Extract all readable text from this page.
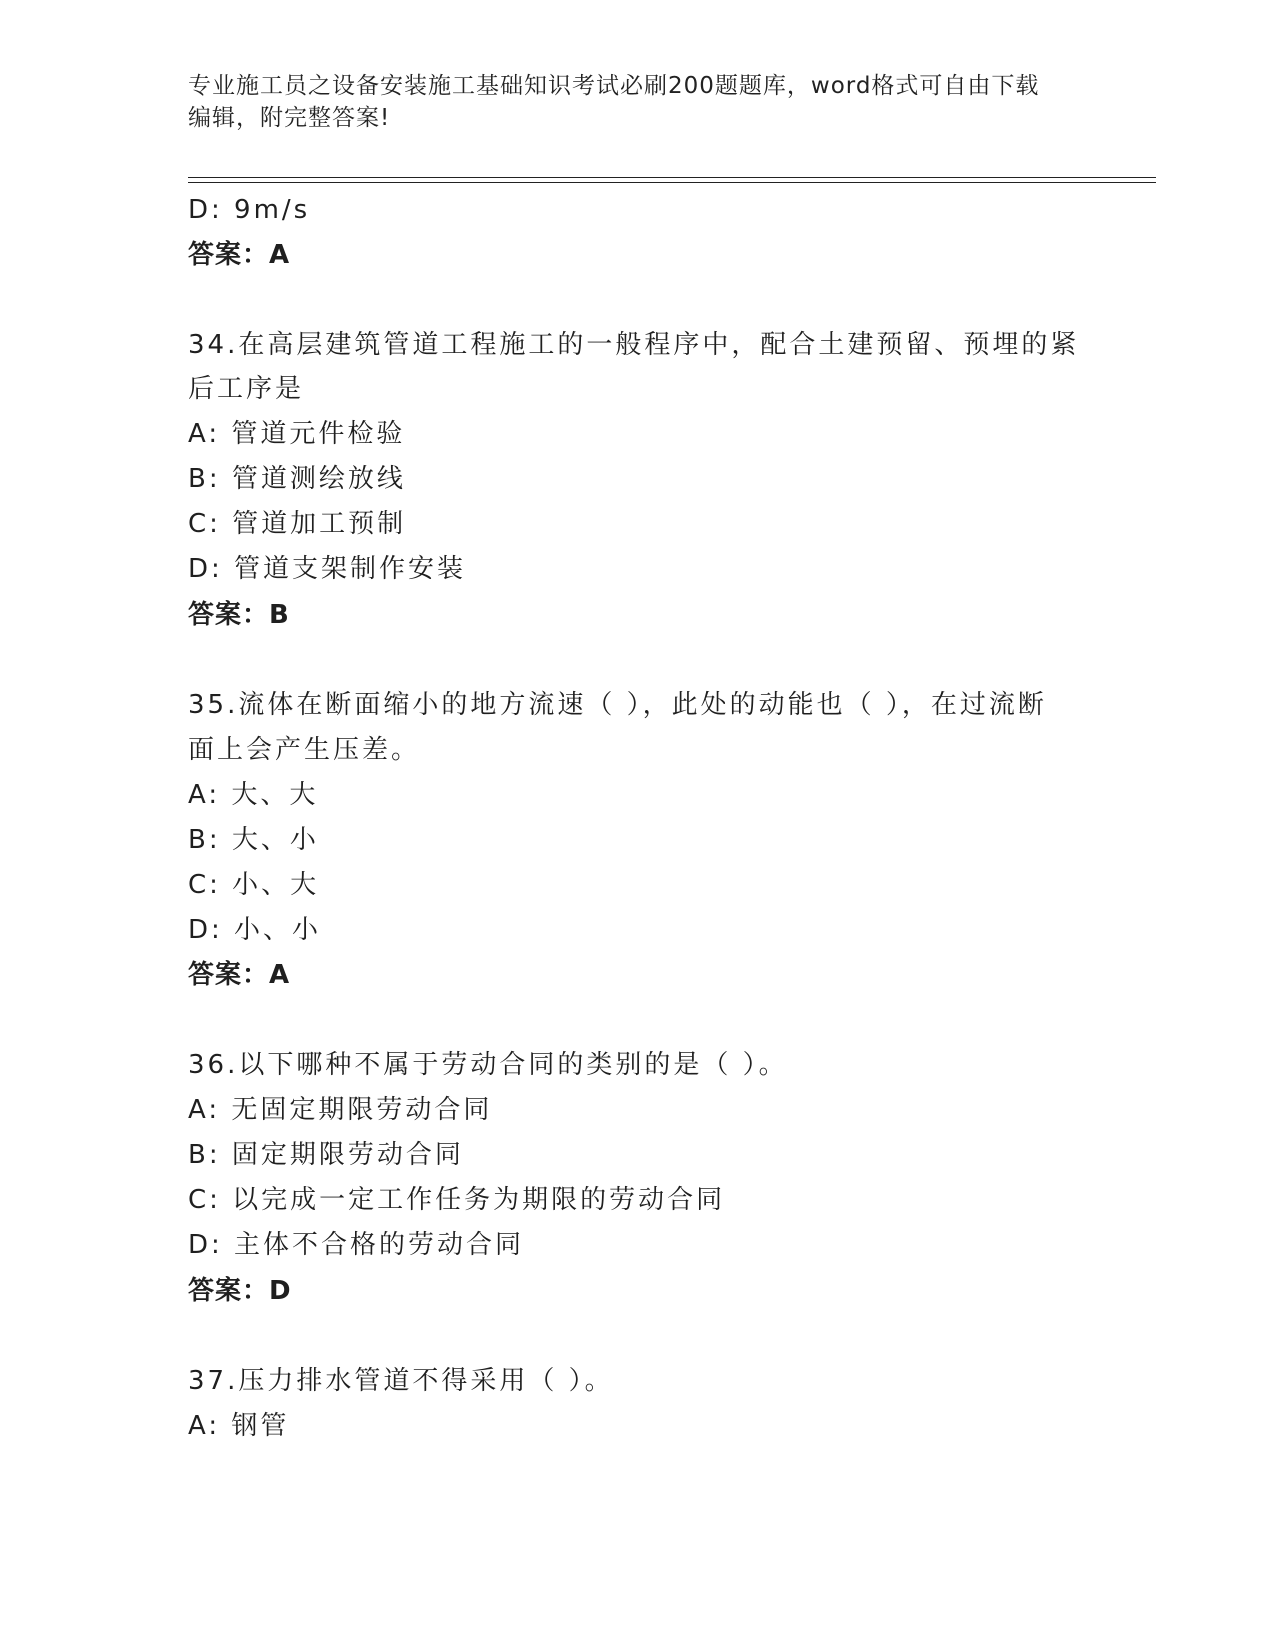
专业施工员之设备安装施工基础知识考试必刷200题题库，word格式可自由下载
编辑，附完整答案!
D: 9m/s
答案：A
34.在高层建筑管道工程施工的一般程序中，配合土建预留、预埋的紧
后工序是
A: 管道元件检验
B: 管道测绘放线
C: 管道加工预制
D: 管道支架制作安装
答案：B
35.流体在断面缩小的地方流速（ ），此处的动能也（ ），在过流断
面上会产生压差。
A: 大、大
B: 大、小
C: 小、大
D: 小、小
答案：A
36.以下哪种不属于劳动合同的类别的是（ ）。
A: 无固定期限劳动合同
B: 固定期限劳动合同
C: 以完成一定工作任务为期限的劳动合同
D: 主体不合格的劳动合同
答案：D
37.压力排水管道不得采用（ ）。
A: 钢管
